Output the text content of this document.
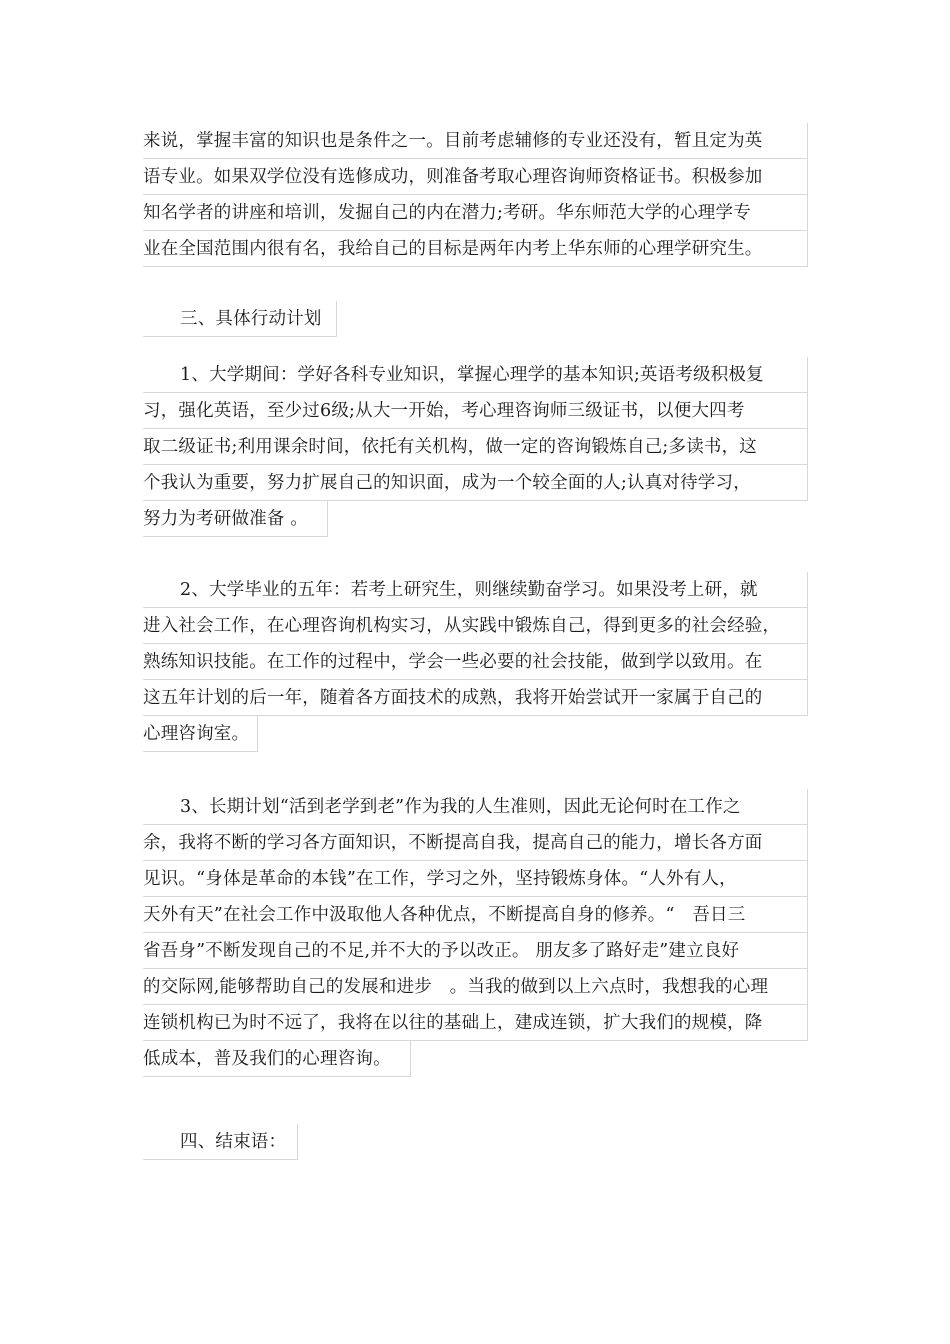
来说，掌握丰富的知识也是条件之一。目前考虑辅修的专业还没有，暂且定为英
语专业。如果双学位没有选修成功，则准备考取心理咨询师资格证书。积极参加
知名学者的讲座和培训，发掘自己的内在潜力;考研。华东师范大学的心理学专
业在全国范围内很有名，我给自己的目标是两年内考上华东师的心理学研究生。
三、具体行动计划
1、大学期间：学好各科专业知识，掌握心理学的基本知识;英语考级积极复
习，强化英语，至少过6级;从大一开始，考心理咨询师三级证书，以便大四考
取二级证书;利用课余时间，依托有关机构，做一定的咨询锻炼自己;多读书，这
个我认为重要，努力扩展自己的知识面，成为一个较全面的人;认真对待学习，
努力为考研做准备 。
2、大学毕业的五年：若考上研究生，则继续勤奋学习。如果没考上研，就
进入社会工作，在心理咨询机构实习，从实践中锻炼自己，得到更多的社会经验，
熟练知识技能。在工作的过程中，学会一些必要的社会技能，做到学以致用。在
这五年计划的后一年，随着各方面技术的成熟，我将开始尝试开一家属于自己的
心理咨询室。
3、长期计划“活到老学到老”作为我的人生准则，因此无论何时在工作之
余，我将不断的学习各方面知识，不断提高自我，提高自己的能力，增长各方面
见识。“身体是革命的本钱”在工作，学习之外，坚持锻炼身体。“人外有人，
天外有天”在社会工作中汲取他人各种优点，不断提高自身的修养。“　吾日三
省吾身”不断发现自己的不足,并不大的予以改正。 朋友多了路好走”建立良好
的交际网,能够帮助自己的发展和进步　。当我的做到以上六点时，我想我的心理
连锁机构已为时不远了，我将在以往的基础上，建成连锁，扩大我们的规模，降
低成本，普及我们的心理咨询。
四、结束语：
